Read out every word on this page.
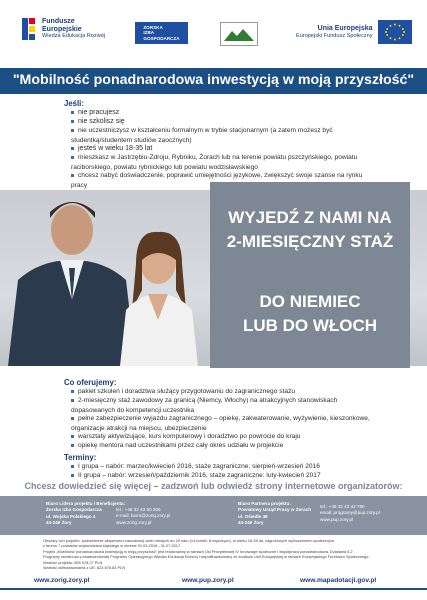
Fundusze
Europejskie
Wiedza Edukacja Rozwój
ZORSKA
IZBA
GOSPODARCZA
Unia Europejska
Europejski Fundusz Społeczny
"Mobilność ponadnarodowa inwestycją w moją przyszłość"
Jeśli:
nie pracujesz
nie szkolisz się
nie uczestniczysz w kształceniu formalnym w trybie stacjonarnym (a zatem możesz być studentką/studentem studiów zaocznych)
jesteś w wieku 18-35 lat
mieszkasz w Jastrzębiu-Zdroju, Rybniku, Żorach lub na terenie powiatu pszczyńskiego, powiatu raciborskiego, powiatu rybnickiego lub powiatu wodzisławskiego
chcesz nabyć doświadczenie, poprawić umiejętności językowe, zwiększyć swoje szanse na rynku pracy
WYJEDŹ Z NAMI NA
2-MIESIĘCZNY STAŻ
DO NIEMIEC
LUB DO WŁOCH
Co oferujemy:
pakiet szkoleń i doradztwa służący przygotowaniu do zagranicznego stażu
2-miesięczny staż zawodowy za granicą (Niemcy, Włochy) na atrakcyjnych stanowiskach dopasowanych do kompetencji uczestnika
pełne zabezpieczenie wyjazdu zagranicznego – opiekę, zakwaterowanie, wyżywienie, kieszonkowe, organizacje atrakcji na miejscu, ubezpieczenie
warsztaty aktywizujące, kurs komputerowy i doradztwo po powrocie do kraju
opiekę mentora nad uczestnikami przez cały okres udziału w projekcie
Terminy:
I grupa – nabór: marzec/kwiecień 2016, staże zagraniczne: sierpień-wrzesień 2016
II grupa – nabór: wrzesień/październik 2016, staże zagraniczne: luty-kwiecień 2017
Chcesz dowiedzieć się więcej – zadzwoń lub odwiedź strony internetowe organizatorów:
Biuro Lidera projektu / Beneficjenta:
Żorska Izba Gospodarcza
ul. Wojska Polskiego 4
44-240 Żory
tel.: +48 32 43 50 306
e-mail: biuro@zorig.zory.pl
www.zorig.zory.pl
Biuro Partnera projektu:
Powiatowy Urząd Pracy w Żorach
ul. Ośiedle 48
44-240 Żory
tel.: +48 32 43 42 780
email: programy@pup.zory.pl
www.pup.zory.pl
Obszary ce/i projektu: podniesienie aktywności zawodowej osób młodych do 29 roku (14 kobiet, 8 mężczyzn), w wieku 18-35 lat, zagrożonych wykluczeniem społecznym
z terenu 7 powiatów województwa śląskiego w okresie 01.03.2016 - 31.07.2017.
Projekt „Mobilność ponadnarodowa inwestycją w moją przyszłość" jest realizowany w ramach Osi Priorytetowej IV Innowacje społeczne i współpraca ponadnarodowa, Działania 4.2
Programy mobilności ponadnarodowej Programu Operacyjnego Wiedza Edukacja Rozwój i współfinansowany ze środków Unii Europejskiej w ramach Europejskiego Funduszu Społecznego.
Wartość projektu: 659 578,27 PLN
Wartość dofinansowania z UE: 623 878,83 PLN
www.zorig.zory.pl	www.pup.zory.pl	www.mapadotacji.gov.pl
